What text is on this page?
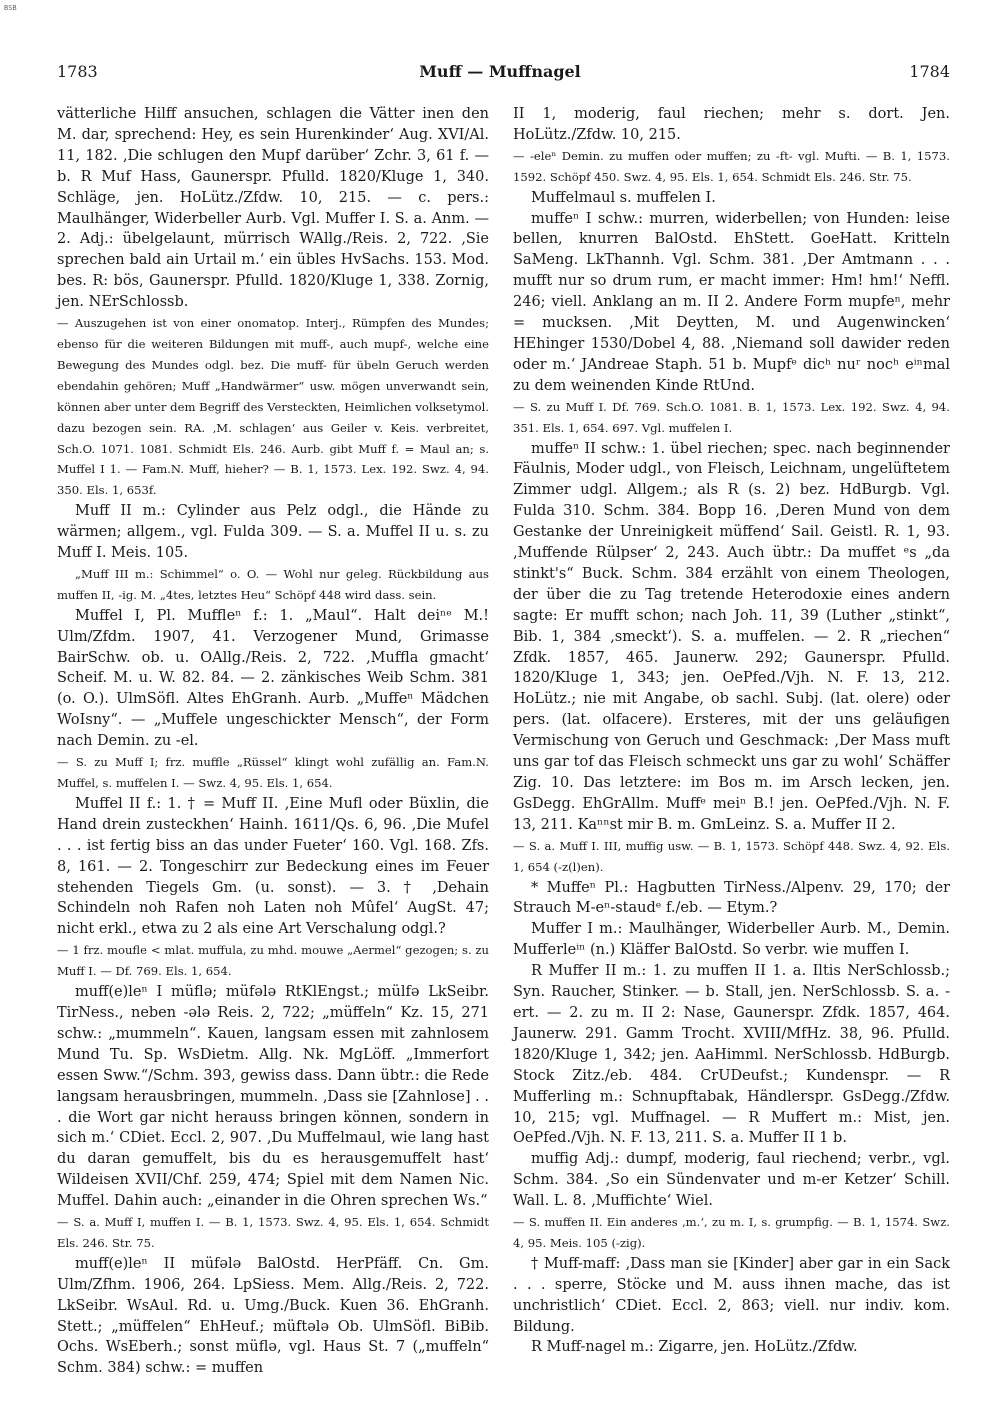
BSB
1783	Muff — Muffnagel	1784

vätterliche Hilff ansuchen, schlagen die Vätter inen den M. dar, sprechend: Hey, es sein Hurenkinder‘ Aug. XVI/Al. 11, 182. ‚Die schlugen den Mupf darüber‘ Zchr. 3, 61 f. — b. R Muf Hass, Gaunerspr. Pfulld. 1820/Kluge 1, 340. Schläge, jen. HoLütz./Zfdw. 10, 215. — c. pers.: Maulhänger, Widerbeller Aurb. Vgl. Muffer I. S. a. Anm. — 2. Adj.: übelgelaunt, mürrisch WAllg./Reis. 2, 722. ‚Sie sprechen bald ain Urtail m.‘ ein übles HvSachs. 153. Mod. bes. R: bös, Gaunerspr. Pfulld. 1820/Kluge 1, 338. Zornig, jen. NErSchlossb.

— Auszugehen ist von einer onomatop. Interj., Rümpfen des Mundes; ebenso für die weiteren Bildungen mit muff-, auch mupf-, welche eine Bewegung des Mundes odgl. bez. Die muff- für übeln Geruch werden ebendahin gehören; Muff „Handwärmer“ usw. mögen unverwandt sein, können aber unter dem Begriff des Versteckten, Heimlichen volksetymol. dazu bezogen sein. RA. ‚M. schlagen‘ aus Geiler v. Keis. verbreitet, Sch.O. 1071. 1081. Schmidt Els. 246. Aurb. gibt Muff f. = Maul an; s. Muffel I 1. — Fam.N. Muff, hieher? — B. 1, 1573. Lex. 192. Swz. 4, 94. 350. Els. 1, 653f.

Muff II m.: Cylinder aus Pelz odgl., die Hände zu wärmen; allgem., vgl. Fulda 309. — S. a. Muffel II u. s. zu Muff I. Meis. 105.

„Muff III m.: Schimmel“ o. O. — Wohl nur geleg. Rückbildung aus muffen II, -ig. M. „4tes, letztes Heu“ Schöpf 448 wird dass. sein.

Muffel I, Pl. Muffleⁿ f.: 1. „Maul“. Halt deiⁿᵉ M.! Ulm/Zfdm. 1907, 41. Verzogener Mund, Grimasse BairSchw. ob. u. OAllg./Reis. 2, 722. ‚Muffla gmacht‘ Scheif. M. u. W. 82. 84. — 2. zänkisches Weib Schm. 381 (o. O.). UlmSöfl. Altes EhGranh. Aurb. „Muffeⁿ Mädchen WoIsny“. — „Muffele ungeschickter Mensch“, der Form nach Demin. zu -el.

— S. zu Muff I; frz. muffle „Rüssel“ klingt wohl zufällig an. Fam.N. Muffel, s. muffelen I. — Swz. 4, 95. Els. 1, 654.

Muffel II f.: 1. † = Muff II. ‚Eine Mufl oder Büxlin, die Hand drein zusteckhen‘ Hainh. 1611/Qs. 6, 96. ‚Die Mufel . . . ist fertig biss an das under Fueter‘ 160. Vgl. 168. Zfs. 8, 161. — 2. Tongeschirr zur Bedeckung eines im Feuer stehenden Tiegels Gm. (u. sonst). — 3. † ‚Dehain Schindeln noh Rafen noh Laten noh Mûfel‘ AugSt. 47; nicht erkl., etwa zu 2 als eine Art Verschalung odgl.?

— 1 frz. moufle < mlat. muffula, zu mhd. mouwe „Aermel“ gezogen; s. zu Muff I. — Df. 769. Els. 1, 654.

muff(e)leⁿ I müflə; müfələ RtKlEngst.; mülfə LkSeibr. TirNess., neben -ələ Reis. 2, 722; „müffeln“ Kz. 15, 271 schw.: „mummeln“. Kauen, langsam essen mit zahnlosem Mund Tu. Sp. WsDietm. Allg. Nk. MgLöff. „Immerfort essen Sww.“/Schm. 393, gewiss dass. Dann übtr.: die Rede langsam herausbringen, mummeln. ‚Dass sie [Zahnlose] . . . die Wort gar nicht herauss bringen können, sondern in sich m.‘ CDiet. Eccl. 2, 907. ‚Du Muffelmaul, wie lang hast du daran gemuffelt, bis du es herausgemuffelt hast‘ Wildeisen XVII/Chf. 259, 474; Spiel mit dem Namen Nic. Muffel. Dahin auch: „einander in die Ohren sprechen Ws.“

— S. a. Muff I, muffen I. — B. 1, 1573. Swz. 4, 95. Els. 1, 654. Schmidt Els. 246. Str. 75.

muff(e)leⁿ II müfələ BalOstd. HerPfäff. Cn. Gm. Ulm/Zfhm. 1906, 264. LpSiess. Mem. Allg./Reis. 2, 722. LkSeibr. WsAul. Rd. u. Umg./Buck. Kuen 36. EhGranh. Stett.; „müffelen“ EhHeuf.; müftələ Ob. UlmSöfl. BiBib. Ochs. WsEberh.; sonst müflə, vgl. Haus St. 7 („muffeln“ Schm. 384) schw.: = muffen

II 1, moderig, faul riechen; mehr s. dort. Jen. HoLütz./Zfdw. 10, 215.

— -eleⁿ Demin. zu muffen oder muffen; zu -ft- vgl. Mufti. — B. 1, 1573. 1592. Schöpf 450. Swz. 4, 95. Els. 1, 654. Schmidt Els. 246. Str. 75.

Muffelmaul s. muffelen I.

muffeⁿ I schw.: murren, widerbellen; von Hunden: leise bellen, knurren BalOstd. EhStett. GoeHatt. Kritteln SaMeng. LkThannh. Vgl. Schm. 381. ‚Der Amtmann . . . mufft nur so drum rum, er macht immer: Hm! hm!‘ Neffl. 246; viell. Anklang an m. II 2. Andere Form mupfeⁿ, mehr = mucksen. ‚Mit Deytten, M. und Augenwincken‘ HEhinger 1530/Dobel 4, 88. ‚Niemand soll dawider reden oder m.‘ JAndreae Staph. 51 b. Mupfᵉ dicʰ nuʳ nocʰ eⁱⁿmal zu dem weinenden Kinde RtUnd.

— S. zu Muff I. Df. 769. Sch.O. 1081. B. 1, 1573. Lex. 192. Swz. 4, 94. 351. Els. 1, 654. 697. Vgl. muffelen I.

muffeⁿ II schw.: 1. übel riechen; spec. nach beginnender Fäulnis, Moder udgl., von Fleisch, Leichnam, ungelüftetem Zimmer udgl. Allgem.; als R (s. 2) bez. HdBurgb. Vgl. Fulda 310. Schm. 384. Bopp 16. ‚Deren Mund von dem Gestanke der Unreinigkeit müffend‘ Sail. Geistl. R. 1, 93. ‚Muffende Rülpser‘ 2, 243. Auch übtr.: Da muffet ᵉs „da stinkt's“ Buck. Schm. 384 erzählt von einem Theologen, der über die zu Tag tretende Heterodoxie eines andern sagte: Er mufft schon; nach Joh. 11, 39 (Luther „stinkt“, Bib. 1, 384 ‚smeckt‘). S. a. muffelen. — 2. R „riechen“ Zfdk. 1857, 465. Jaunerw. 292; Gaunerspr. Pfulld. 1820/Kluge 1, 343; jen. OePfed./Vjh. N. F. 13, 212. HoLütz.; nie mit Angabe, ob sachl. Subj. (lat. olere) oder pers. (lat. olfacere). Ersteres, mit der uns geläufigen Vermischung von Geruch und Geschmack: ‚Der Mass muft uns gar tof das Fleisch schmeckt uns gar zu wohl‘ Schäffer Zig. 10. Das letztere: im Bos m. im Arsch lecken, jen. GsDegg. EhGrAllm. Muffᵉ meiⁿ B.! jen. OePfed./Vjh. N. F. 13, 211. Kaⁿⁿst mir B. m. GmLeinz. S. a. Muffer II 2.

— S. a. Muff I. III, muffig usw. — B. 1, 1573. Schöpf 448. Swz. 4, 92. Els. 1, 654 (-z(l)en).

* Muffeⁿ Pl.: Hagbutten TirNess./Alpenv. 29, 170; der Strauch M-eⁿ-staudᵉ f./eb. — Etym.?

Muffer I m.: Maulhänger, Widerbeller Aurb. M., Demin. Mufferleⁱⁿ (n.) Kläffer BalOstd. So verbr. wie muffen I.

R Muffer II m.: 1. zu muffen II 1. a. Iltis NerSchlossb.; Syn. Raucher, Stinker. — b. Stall, jen. NerSchlossb. S. a. -ert. — 2. zu m. II 2: Nase, Gaunerspr. Zfdk. 1857, 464. Jaunerw. 291. Gamm Trocht. XVIII/MfHz. 38, 96. Pfulld. 1820/Kluge 1, 342; jen. AaHimml. NerSchlossb. HdBurgb. Stock Zitz./eb. 484. CrUDeufst.; Kundenspr. — R Mufferling m.: Schnupftabak, Händlerspr. GsDegg./Zfdw. 10, 215; vgl. Muffnagel. — R Muffert m.: Mist, jen. OePfed./Vjh. N. F. 13, 211. S. a. Muffer II 1 b.

muffig Adj.: dumpf, moderig, faul riechend; verbr., vgl. Schm. 384. ‚So ein Sündenvater und m-er Ketzer‘ Schill. Wall. L. 8. ‚Muffichte‘ Wiel.

— S. muffen II. Ein anderes ‚m.‘, zu m. I, s. grumpfig. — B. 1, 1574. Swz. 4, 95. Meis. 105 (-zig).

† Muff-maff: ‚Dass man sie [Kinder] aber gar in ein Sack . . . sperre, Stöcke und M. auss ihnen mache, das ist unchristlich‘ CDiet. Eccl. 2, 863; viell. nur indiv. kom. Bildung.

R Muff-nagel m.: Zigarre, jen. HoLütz./Zfdw.
